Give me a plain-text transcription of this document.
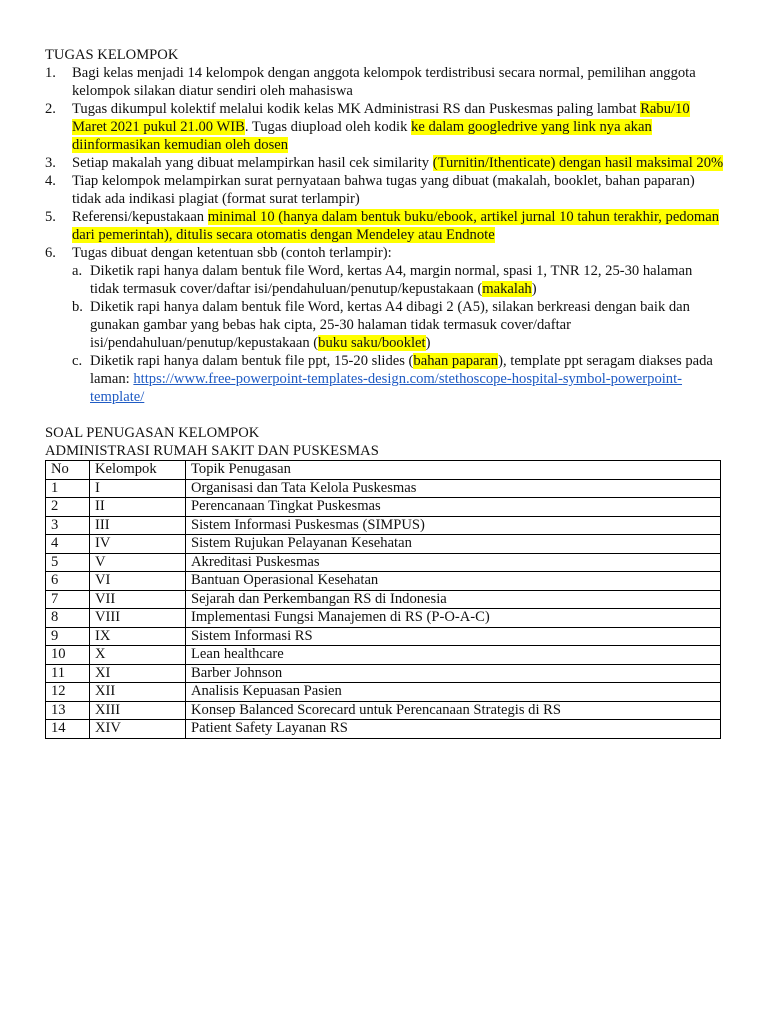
TUGAS KELOMPOK
1. Bagi kelas menjadi 14 kelompok dengan anggota kelompok terdistribusi secara normal, pemilihan anggota kelompok silakan diatur sendiri oleh mahasiswa
2. Tugas dikumpul kolektif melalui kodik kelas MK Administrasi RS dan Puskesmas paling lambat Rabu/10 Maret 2021 pukul 21.00 WIB. Tugas diupload oleh kodik ke dalam googledrive yang link nya akan diinformasikan kemudian oleh dosen
3. Setiap makalah yang dibuat melampirkan hasil cek similarity (Turnitin/Ithenticate) dengan hasil maksimal 20%
4. Tiap kelompok melampirkan surat pernyataan bahwa tugas yang dibuat (makalah, booklet, bahan paparan) tidak ada indikasi plagiat (format surat terlampir)
5. Referensi/kepustakaan minimal 10 (hanya dalam bentuk buku/ebook, artikel jurnal 10 tahun terakhir, pedoman dari pemerintah), ditulis secara otomatis dengan Mendeley atau Endnote
6. Tugas dibuat dengan ketentuan sbb (contoh terlampir):
a. Diketik rapi hanya dalam bentuk file Word, kertas A4, margin normal, spasi 1, TNR 12, 25-30 halaman tidak termasuk cover/daftar isi/pendahuluan/penutup/kepustakaan (makalah)
b. Diketik rapi hanya dalam bentuk file Word, kertas A4 dibagi 2 (A5), silakan berkreasi dengan baik dan gunakan gambar yang bebas hak cipta, 25-30 halaman tidak termasuk cover/daftar isi/pendahuluan/penutup/kepustakaan (buku saku/booklet)
c. Diketik rapi hanya dalam bentuk file ppt, 15-20 slides (bahan paparan), template ppt seragam diakses pada laman: https://www.free-powerpoint-templates-design.com/stethoscope-hospital-symbol-powerpoint-template/
SOAL PENUGASAN KELOMPOK
ADMINISTRASI RUMAH SAKIT DAN PUSKESMAS
No	Kelompok	Topik Penugasan
1	I	Organisasi dan Tata Kelola Puskesmas
2	II	Perencanaan Tingkat Puskesmas
3	III	Sistem Informasi Puskesmas (SIMPUS)
4	IV	Sistem Rujukan Pelayanan Kesehatan
5	V	Akreditasi Puskesmas
6	VI	Bantuan Operasional Kesehatan
7	VII	Sejarah dan Perkembangan RS di Indonesia
8	VIII	Implementasi Fungsi Manajemen di RS (P-O-A-C)
9	IX	Sistem Informasi RS
10	X	Lean healthcare
11	XI	Barber Johnson
12	XII	Analisis Kepuasan Pasien
13	XIII	Konsep Balanced Scorecard untuk Perencanaan Strategis di RS
14	XIV	Patient Safety Layanan RS
